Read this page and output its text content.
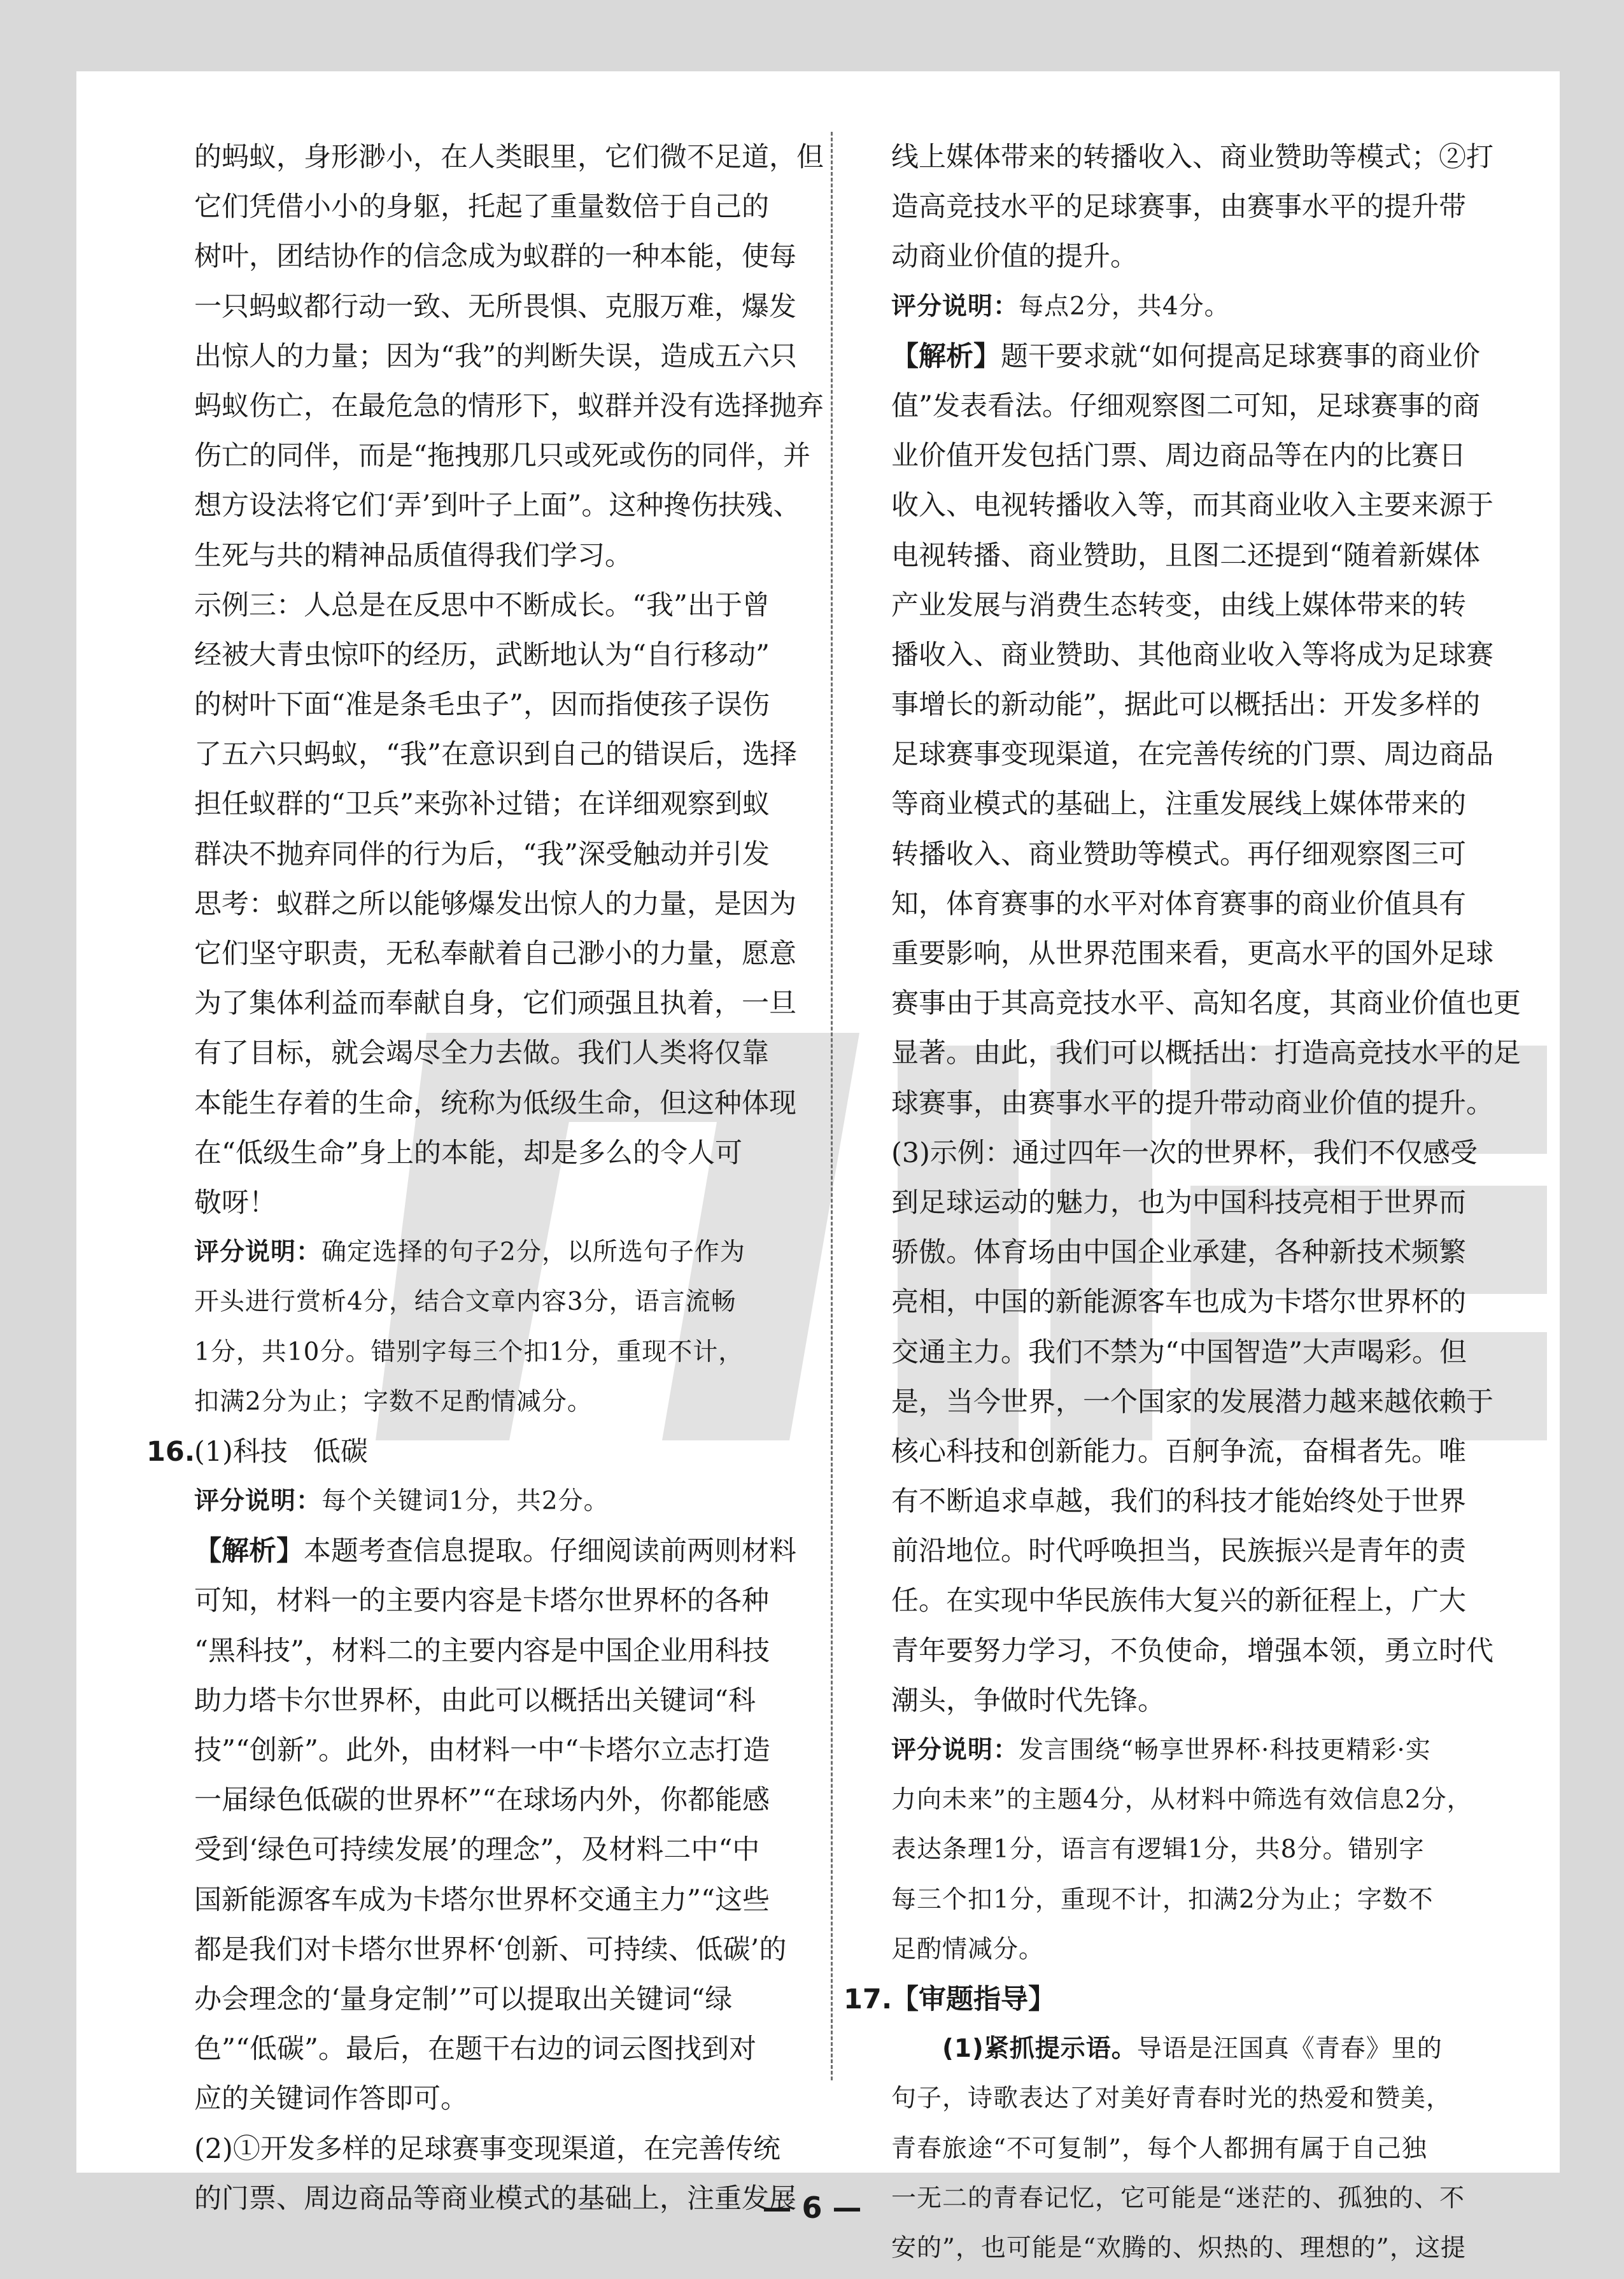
的蚂蚁，身形渺小，在人类眼里，它们微不足道，但
它们凭借小小的身躯，托起了重量数倍于自己的
树叶，团结协作的信念成为蚁群的一种本能，使每
一只蚂蚁都行动一致、无所畏惧、克服万难，爆发
出惊人的力量；因为“我”的判断失误，造成五六只
蚂蚁伤亡，在最危急的情形下，蚁群并没有选择抛弃
伤亡的同伴，而是“拖拽那几只或死或伤的同伴，并
想方设法将它们‘弄’到叶子上面”。这种搀伤扶残、
生死与共的精神品质值得我们学习。
示例三：人总是在反思中不断成长。“我”出于曾
经被大青虫惊吓的经历，武断地认为“自行移动”
的树叶下面“准是条毛虫子”，因而指使孩子误伤
了五六只蚂蚁，“我”在意识到自己的错误后，选择
担任蚁群的“卫兵”来弥补过错；在详细观察到蚁
群决不抛弃同伴的行为后，“我”深受触动并引发
思考：蚁群之所以能够爆发出惊人的力量，是因为
它们坚守职责，无私奉献着自己渺小的力量，愿意
为了集体利益而奉献自身，它们顽强且执着，一旦
有了目标，就会竭尽全力去做。我们人类将仅靠
本能生存着的生命，统称为低级生命，但这种体现
在“低级生命”身上的本能，却是多么的令人可
敬呀！
评分说明：确定选择的句子2分，以所选句子作为
开头进行赏析4分，结合文章内容3分，语言流畅
1分，共10分。错别字每三个扣1分，重现不计，
扣满2分为止；字数不足酌情减分。
16.(1)科技 低碳
评分说明：每个关键词1分，共2分。
【解析】本题考查信息提取。仔细阅读前两则材料
可知，材料一的主要内容是卡塔尔世界杯的各种
“黑科技”，材料二的主要内容是中国企业用科技
助力塔卡尔世界杯，由此可以概括出关键词“科
技”“创新”。此外，由材料一中“卡塔尔立志打造
一届绿色低碳的世界杯”“在球场内外，你都能感
受到‘绿色可持续发展’的理念”，及材料二中“中
国新能源客车成为卡塔尔世界杯交通主力”“这些
都是我们对卡塔尔世界杯‘创新、可持续、低碳’的
办会理念的‘量身定制’”可以提取出关键词“绿
色”“低碳”。最后，在题干右边的词云图找到对
应的关键词作答即可。
(2)①开发多样的足球赛事变现渠道，在完善传统
的门票、周边商品等商业模式的基础上，注重发展
线上媒体带来的转播收入、商业赞助等模式；②打
造高竞技水平的足球赛事，由赛事水平的提升带
动商业价值的提升。
评分说明：每点2分，共4分。
【解析】题干要求就“如何提高足球赛事的商业价
值”发表看法。仔细观察图二可知，足球赛事的商
业价值开发包括门票、周边商品等在内的比赛日
收入、电视转播收入等，而其商业收入主要来源于
电视转播、商业赞助，且图二还提到“随着新媒体
产业发展与消费生态转变，由线上媒体带来的转
播收入、商业赞助、其他商业收入等将成为足球赛
事增长的新动能”，据此可以概括出：开发多样的
足球赛事变现渠道，在完善传统的门票、周边商品
等商业模式的基础上，注重发展线上媒体带来的
转播收入、商业赞助等模式。再仔细观察图三可
知，体育赛事的水平对体育赛事的商业价值具有
重要影响，从世界范围来看，更高水平的国外足球
赛事由于其高竞技水平、高知名度，其商业价值也更
显著。由此，我们可以概括出：打造高竞技水平的足
球赛事，由赛事水平的提升带动商业价值的提升。
(3)示例：通过四年一次的世界杯，我们不仅感受
到足球运动的魅力，也为中国科技亮相于世界而
骄傲。体育场由中国企业承建，各种新技术频繁
亮相，中国的新能源客车也成为卡塔尔世界杯的
交通主力。我们不禁为“中国智造”大声喝彩。但
是，当今世界，一个国家的发展潜力越来越依赖于
核心科技和创新能力。百舸争流，奋楫者先。唯
有不断追求卓越，我们的科技才能始终处于世界
前沿地位。时代呼唤担当，民族振兴是青年的责
任。在实现中华民族伟大复兴的新征程上，广大
青年要努力学习，不负使命，增强本领，勇立时代
潮头，争做时代先锋。
评分说明：发言围绕“畅享世界杯·科技更精彩·实
力向未来”的主题4分，从材料中筛选有效信息2分，
表达条理1分，语言有逻辑1分，共8分。错别字
每三个扣1分，重现不计，扣满2分为止；字数不
足酌情减分。
17.【审题指导】
(1)紧抓提示语。导语是汪国真《青春》里的
句子，诗歌表达了对美好青春时光的热爱和赞美，
青春旅途“不可复制”，每个人都拥有属于自己独
一无二的青春记忆，它可能是“迷茫的、孤独的、不
安的”，也可能是“欢腾的、炽热的、理想的”，这提
— 6 —
